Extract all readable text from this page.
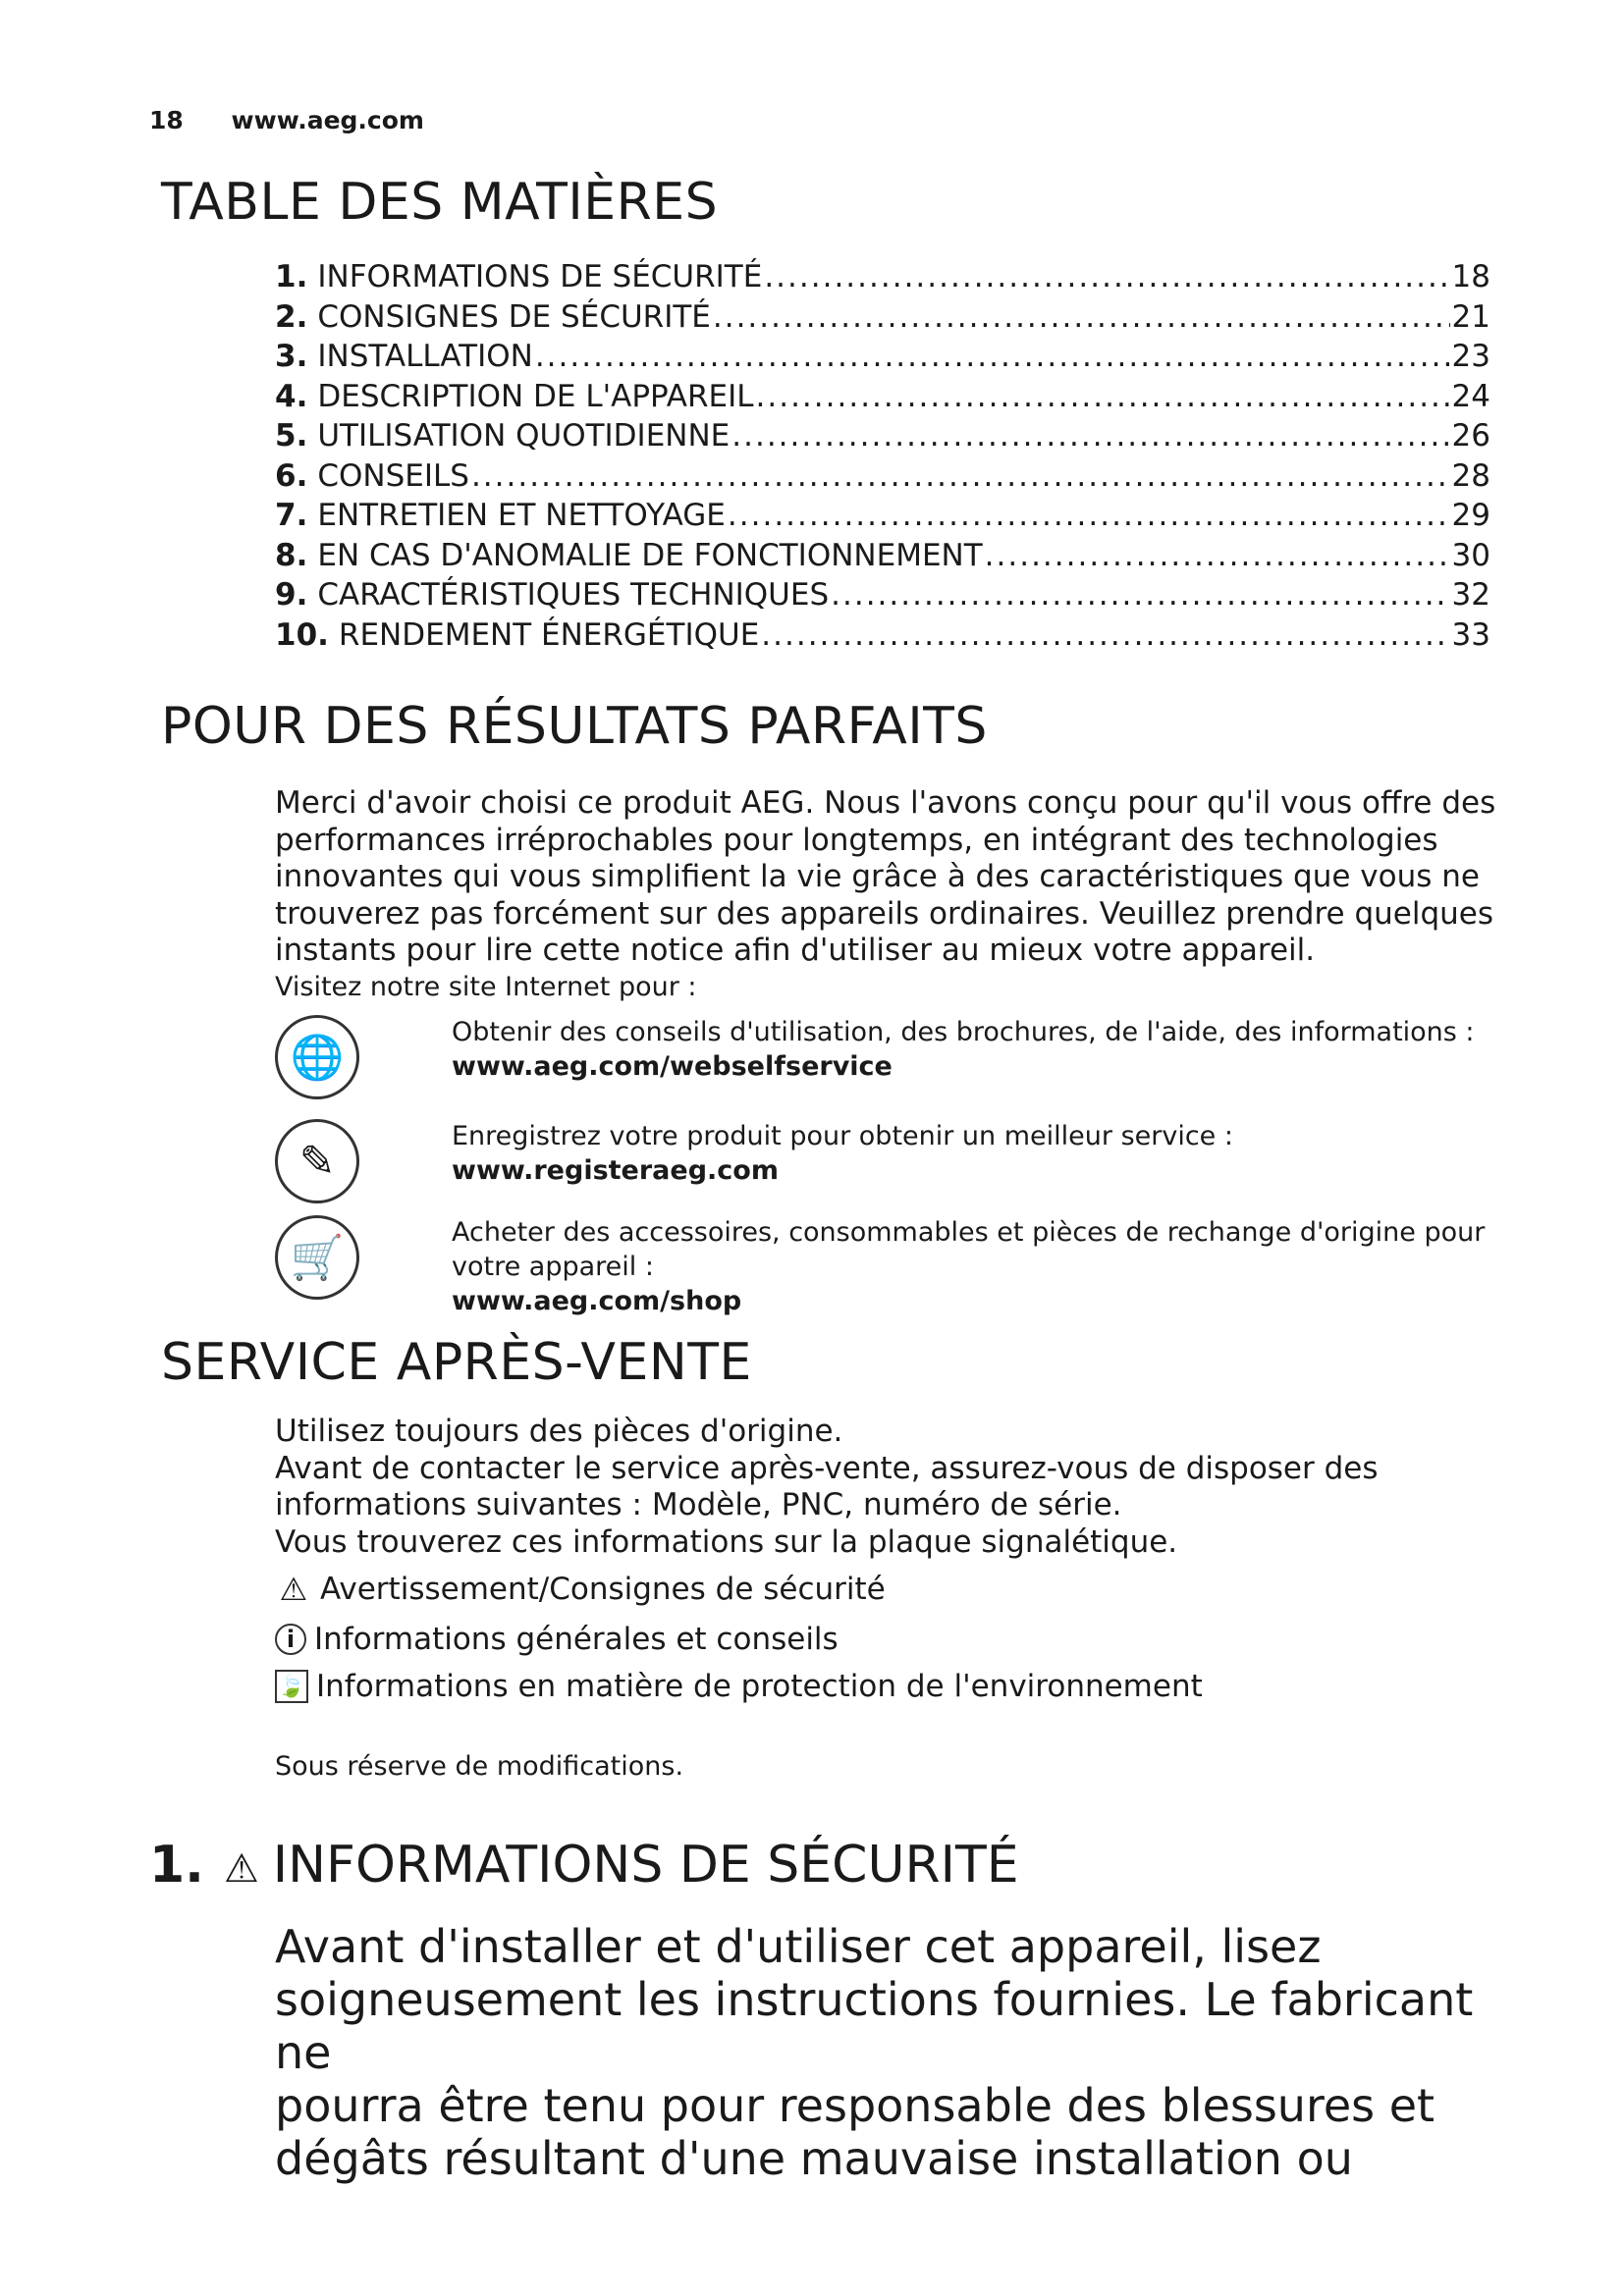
18 www.aeg.com
TABLE DES MATIÈRES
1. INFORMATIONS DE SÉCURITÉ .....	18
2. CONSIGNES DE SÉCURITÉ .....	21
3. INSTALLATION .....	23
4. DESCRIPTION DE L'APPAREIL .....	24
5. UTILISATION QUOTIDIENNE .....	26
6. CONSEILS .....	28
7. ENTRETIEN ET NETTOYAGE .....	29
8. EN CAS D'ANOMALIE DE FONCTIONNEMENT .....	30
9. CARACTÉRISTIQUES TECHNIQUES .....	32
10. RENDEMENT ÉNERGÉTIQUE .....	33
POUR DES RÉSULTATS PARFAITS
Merci d'avoir choisi ce produit AEG. Nous l'avons conçu pour qu'il vous offre des
performances irréprochables pour longtemps, en intégrant des technologies
innovantes qui vous simplifient la vie grâce à des caractéristiques que vous ne
trouverez pas forcément sur des appareils ordinaires. Veuillez prendre quelques
instants pour lire cette notice afin d'utiliser au mieux votre appareil.
Visitez notre site Internet pour :
🌐
Obtenir des conseils d'utilisation, des brochures, de l'aide, des informations :
www.aeg.com/webselfservice
✎	Enregistrez votre produit pour obtenir un meilleur service :
www.registeraeg.com
🛒
Acheter des accessoires, consommables et pièces de rechange d'origine pour votre appareil :
www.aeg.com/shop
SERVICE APRÈS-VENTE
Utilisez toujours des pièces d'origine.
Avant de contacter le service après-vente, assurez-vous de disposer des
informations suivantes : Modèle, PNC, numéro de série.
Vous trouverez ces informations sur la plaque signalétique.
⚠ Avertissement/Consignes de sécurité
i Informations générales et conseils
🍃 Informations en matière de protection de l'environnement
Sous réserve de modifications.
1. ⚠ INFORMATIONS DE SÉCURITÉ
Avant d'installer et d'utiliser cet appareil, lisez
soigneusement les instructions fournies. Le fabricant ne
pourra être tenu pour responsable des blessures et
dégâts résultant d'une mauvaise installation ou
